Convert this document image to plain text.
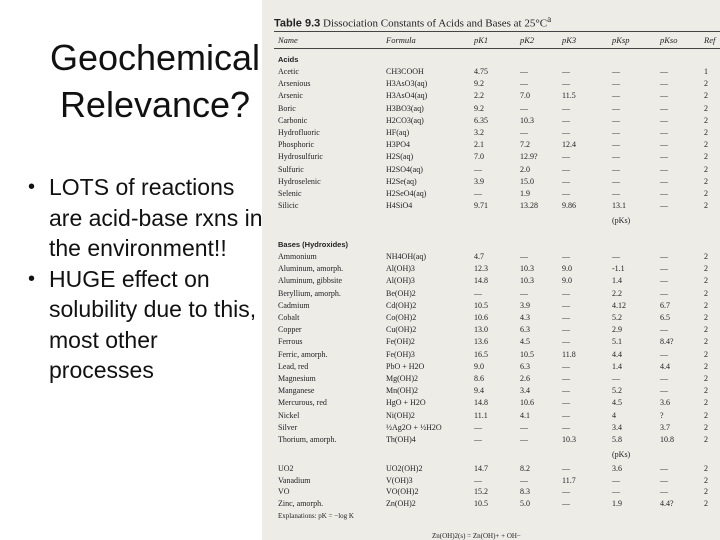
Geochemical
Relevance?
• LOTS of reactions are acid-base rxns in the environment!!
• HUGE effect on solubility due to this, most other processes
Table 9.3 Dissociation Constants of Acids and Bases at $25^\circ C^a$
Name	Formula	pK1	pK2	pK3	pKsp	pKso	Ref
Acids
(pKs)
Bases (Hydroxides)
(pKs)
Explanations: pK = −log K
Zn(OH)2(s) = Zn(OH)+ + OH−
Acetic	CH3COOH	4.75	—	—	—	—	1
Arsenious	H3AsO3(aq)	9.2	—	—	—	—	2
Arsenic	H3AsO4(aq)	2.2	7.0	11.5	—	—	2
Boric	H3BO3(aq)	9.2	—	—	—	—	2
Carbonic	H2CO3(aq)	6.35	10.3	—	—	—	2
Hydrofluoric	HF(aq)	3.2	—	—	—	—	2
Phosphoric	H3PO4	2.1	7.2	12.4	—	—	2
Hydrosulfuric	H2S(aq)	7.0	12.9?	—	—	—	2
Sulfuric	H2SO4(aq)	—	2.0	—	—	—	2
Hydroselenic	H2Se(aq)	3.9	15.0	—	—	—	2
Selenic	H2SeO4(aq)	—	1.9	—	—	—	2
Silicic	H4SiO4	9.71	13.28	9.86	13.1	—	2
Ammonium	NH4OH(aq)	4.7	—	—	—	—	2
Aluminum, amorph.	Al(OH)3	12.3	10.3	9.0	-1.1	—	2
Aluminum, gibbsite	Al(OH)3	14.8	10.3	9.0	1.4	—	2
Beryllium, amorph.	Be(OH)2	—	—	—	2.2	—	2
Cadmium	Cd(OH)2	10.5	3.9	—	4.12	6.7	2
Cobalt	Co(OH)2	10.6	4.3	—	5.2	6.5	2
Copper	Cu(OH)2	13.0	6.3	—	2.9	—	2
Ferrous	Fe(OH)2	13.6	4.5	—	5.1	8.4?	2
Ferric, amorph.	Fe(OH)3	16.5	10.5	11.8	4.4	—	2
Lead, red	PbO + H2O	9.0	6.3	—	1.4	4.4	2
Magnesium	Mg(OH)2	8.6	2.6	—	—	—	2
Manganese	Mn(OH)2	9.4	3.4	—	5.2	—	2
Mercurous, red	HgO + H2O	14.8	10.6	—	4.5	3.6	2
Nickel	Ni(OH)2	11.1	4.1	—	4	?	2
Silver	½Ag2O + ½H2O	—	—	—	3.4	3.7	2
Thorium, amorph.	Th(OH)4	—	—	10.3	5.8	10.8	2
UO2	UO2(OH)2	14.7	8.2	—	3.6	—	2
Vanadium	V(OH)3	—	—	11.7	—	—	2
VO	VO(OH)2	15.2	8.3	—	—	—	2
Zinc, amorph.	Zn(OH)2	10.5	5.0	—	1.9	4.4?	2
